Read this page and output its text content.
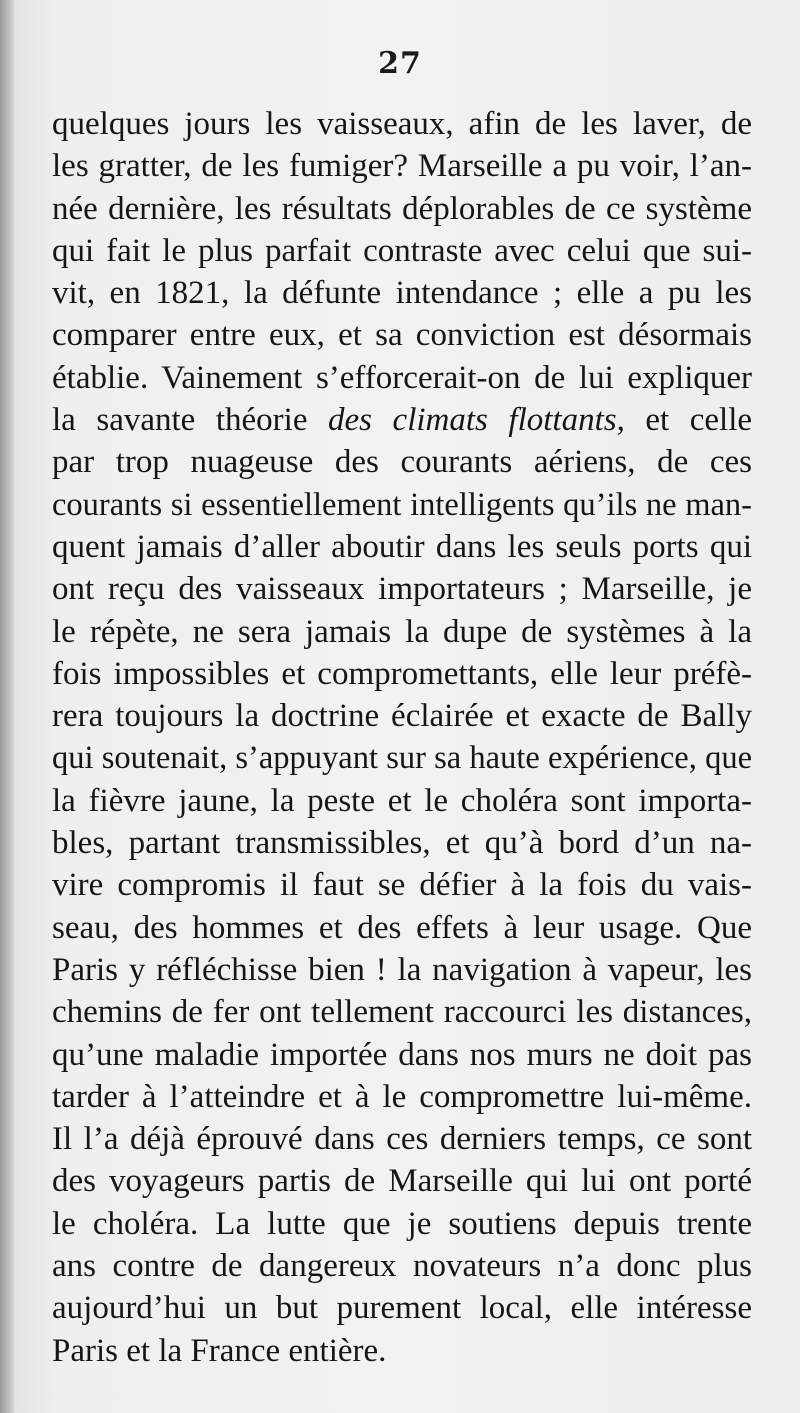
27
quelques jours les vaisseaux, afin de les laver, de
les gratter, de les fumiger? Marseille a pu voir, l’an-
née dernière, les résultats déplorables de ce système
qui fait le plus parfait contraste avec celui que sui-
vit, en 1821, la défunte intendance ; elle a pu les
comparer entre eux, et sa conviction est désormais
établie. Vainement s’efforcerait-on de lui expliquer
la savante théorie des climats flottants, et celle
par trop nuageuse des courants aériens, de ces
courants si essentiellement intelligents qu’ils ne man-
quent jamais d’aller aboutir dans les seuls ports qui
ont reçu des vaisseaux importateurs ; Marseille, je
le répète, ne sera jamais la dupe de systèmes à la
fois impossibles et compromettants, elle leur préfè-
rera toujours la doctrine éclairée et exacte de Bally
qui soutenait, s’appuyant sur sa haute expérience, que
la fièvre jaune, la peste et le choléra sont importa-
bles, partant transmissibles, et qu’à bord d’un na-
vire compromis il faut se défier à la fois du vais-
seau, des hommes et des effets à leur usage. Que
Paris y réfléchisse bien ! la navigation à vapeur, les
chemins de fer ont tellement raccourci les distances,
qu’une maladie importée dans nos murs ne doit pas
tarder à l’atteindre et à le compromettre lui-même.
Il l’a déjà éprouvé dans ces derniers temps, ce sont
des voyageurs partis de Marseille qui lui ont porté
le choléra. La lutte que je soutiens depuis trente
ans contre de dangereux novateurs n’a donc plus
aujourd’hui un but purement local, elle intéresse
Paris et la France entière.
